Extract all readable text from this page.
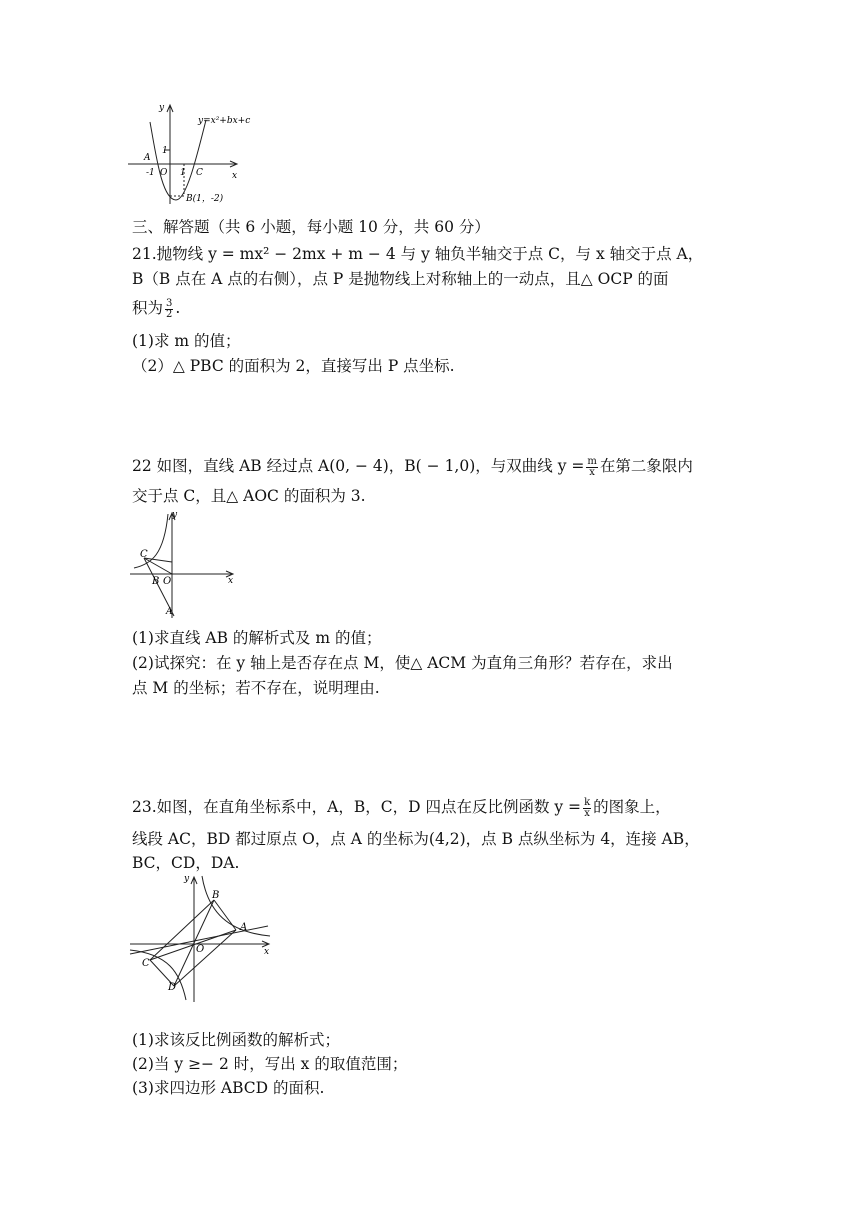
y
y=x²+bx+c
x
A
-1 O 1
1
C
B(1，-2)
三、解答题（共 6 小题，每小题 10 分，共 60 分）
21.抛物线 y = mx² − 2mx + m − 4 与 y 轴负半轴交于点 C，与 x 轴交于点 A，
B（B 点在 A 点的右侧），点 P 是抛物线上对称轴上的一动点，且△ OCP 的面
积为 $\frac{3}{2}$ .
(1)求 m 的值；
（2）△ PBC 的面积为 2，直接写出 P 点坐标.
22 如图，直线 AB 经过点 A(0, − 4)，B( − 1,0)，与双曲线 $y = \frac{m}{x}$ 在第二象限内
交于点 C，且△ AOC 的面积为 3.
y
x
C
B O
A
(1)求直线 AB 的解析式及 m 的值；
(2)试探究：在 y 轴上是否存在点 M，使△ ACM 为直角三角形？若存在，求出
点 M 的坐标；若不存在，说明理由.
23.如图，在直角坐标系中，A，B，C，D 四点在反比例函数 $y = \frac{k}{x}$ 的图象上，
线段 AC，BD 都过原点 O，点 A 的坐标为(4,2)，点 B 点纵坐标为 4，连接 AB，
BC，CD，DA.
y
x
B
A
O
C
D
(1)求该反比例函数的解析式；
(2)当 y ≥− 2 时，写出 x 的取值范围；
(3)求四边形 ABCD 的面积.
